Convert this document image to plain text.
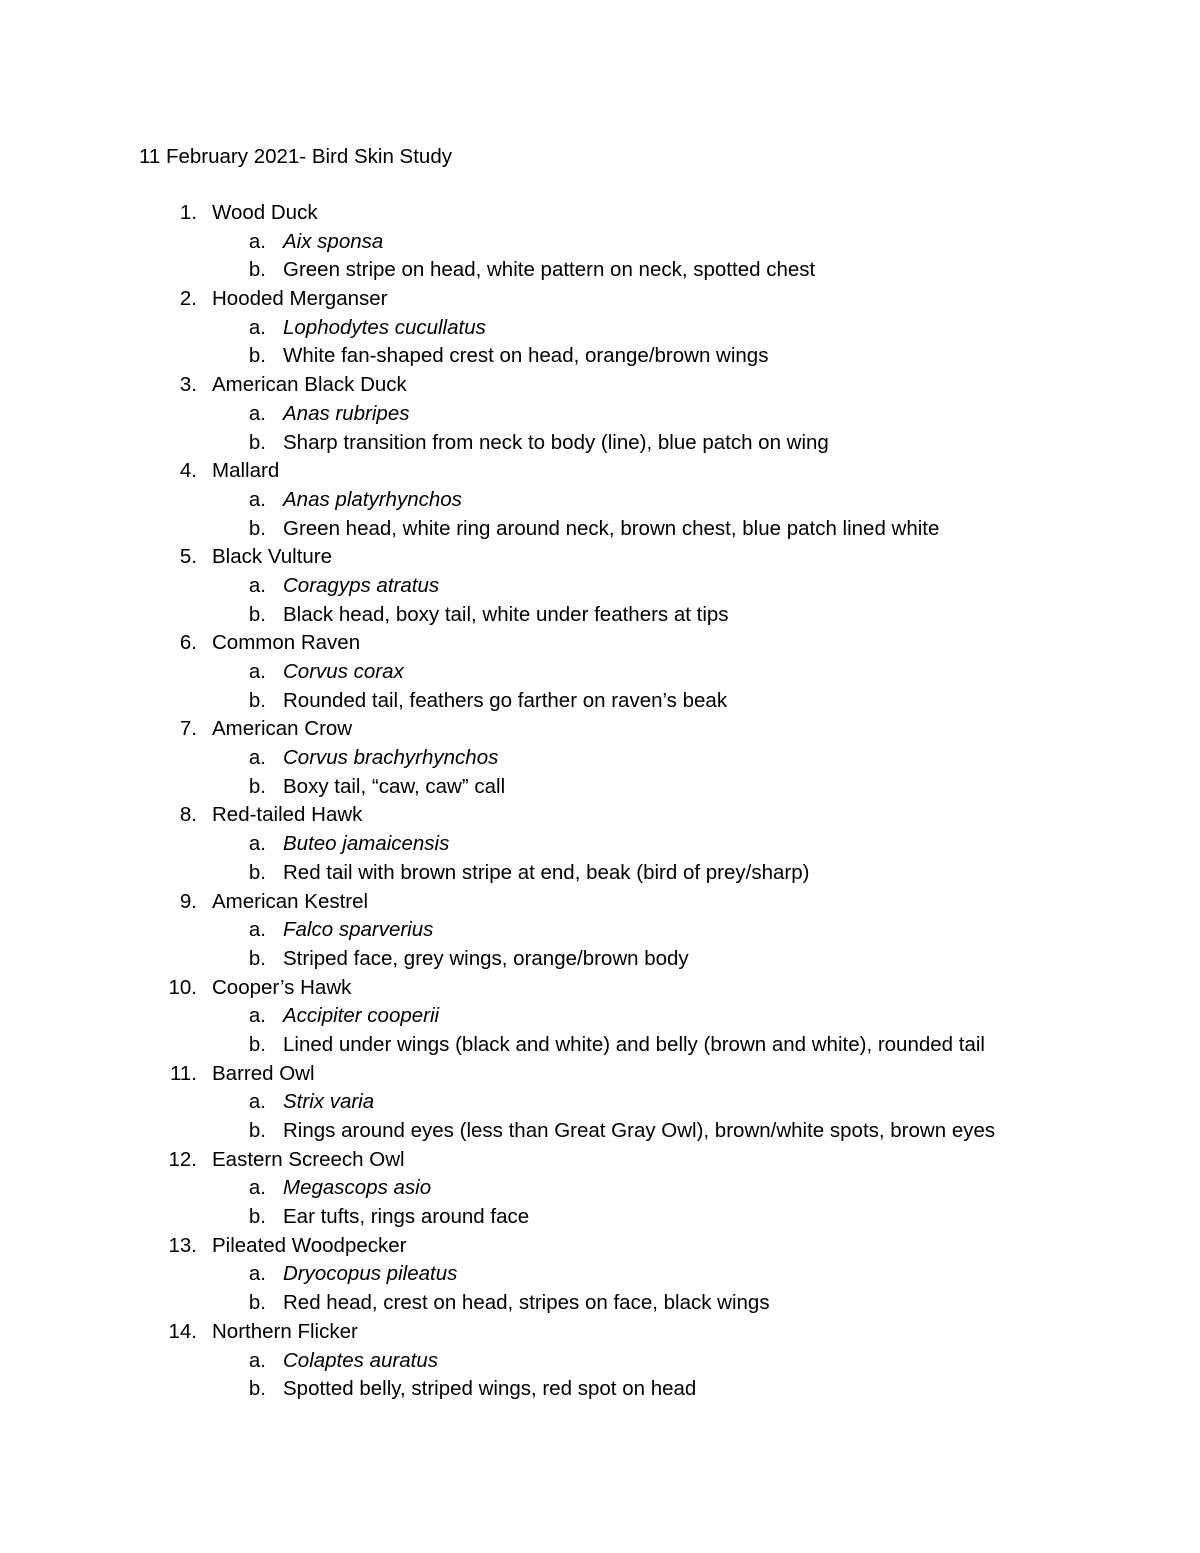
11 February 2021- Bird Skin Study
1. Wood Duck
a. Aix sponsa
b. Green stripe on head, white pattern on neck, spotted chest
2. Hooded Merganser
a. Lophodytes cucullatus
b. White fan-shaped crest on head, orange/brown wings
3. American Black Duck
a. Anas rubripes
b. Sharp transition from neck to body (line), blue patch on wing
4. Mallard
a. Anas platyrhynchos
b. Green head, white ring around neck, brown chest, blue patch lined white
5. Black Vulture
a. Coragyps atratus
b. Black head, boxy tail, white under feathers at tips
6. Common Raven
a. Corvus corax
b. Rounded tail, feathers go farther on raven’s beak
7. American Crow
a. Corvus brachyrhynchos
b. Boxy tail, “caw, caw” call
8. Red-tailed Hawk
a. Buteo jamaicensis
b. Red tail with brown stripe at end, beak (bird of prey/sharp)
9. American Kestrel
a. Falco sparverius
b. Striped face, grey wings, orange/brown body
10. Cooper’s Hawk
a. Accipiter cooperii
b. Lined under wings (black and white) and belly (brown and white), rounded tail
11. Barred Owl
a. Strix varia
b. Rings around eyes (less than Great Gray Owl), brown/white spots, brown eyes
12. Eastern Screech Owl
a. Megascops asio
b. Ear tufts, rings around face
13. Pileated Woodpecker
a. Dryocopus pileatus
b. Red head, crest on head, stripes on face, black wings
14. Northern Flicker
a. Colaptes auratus
b. Spotted belly, striped wings, red spot on head
